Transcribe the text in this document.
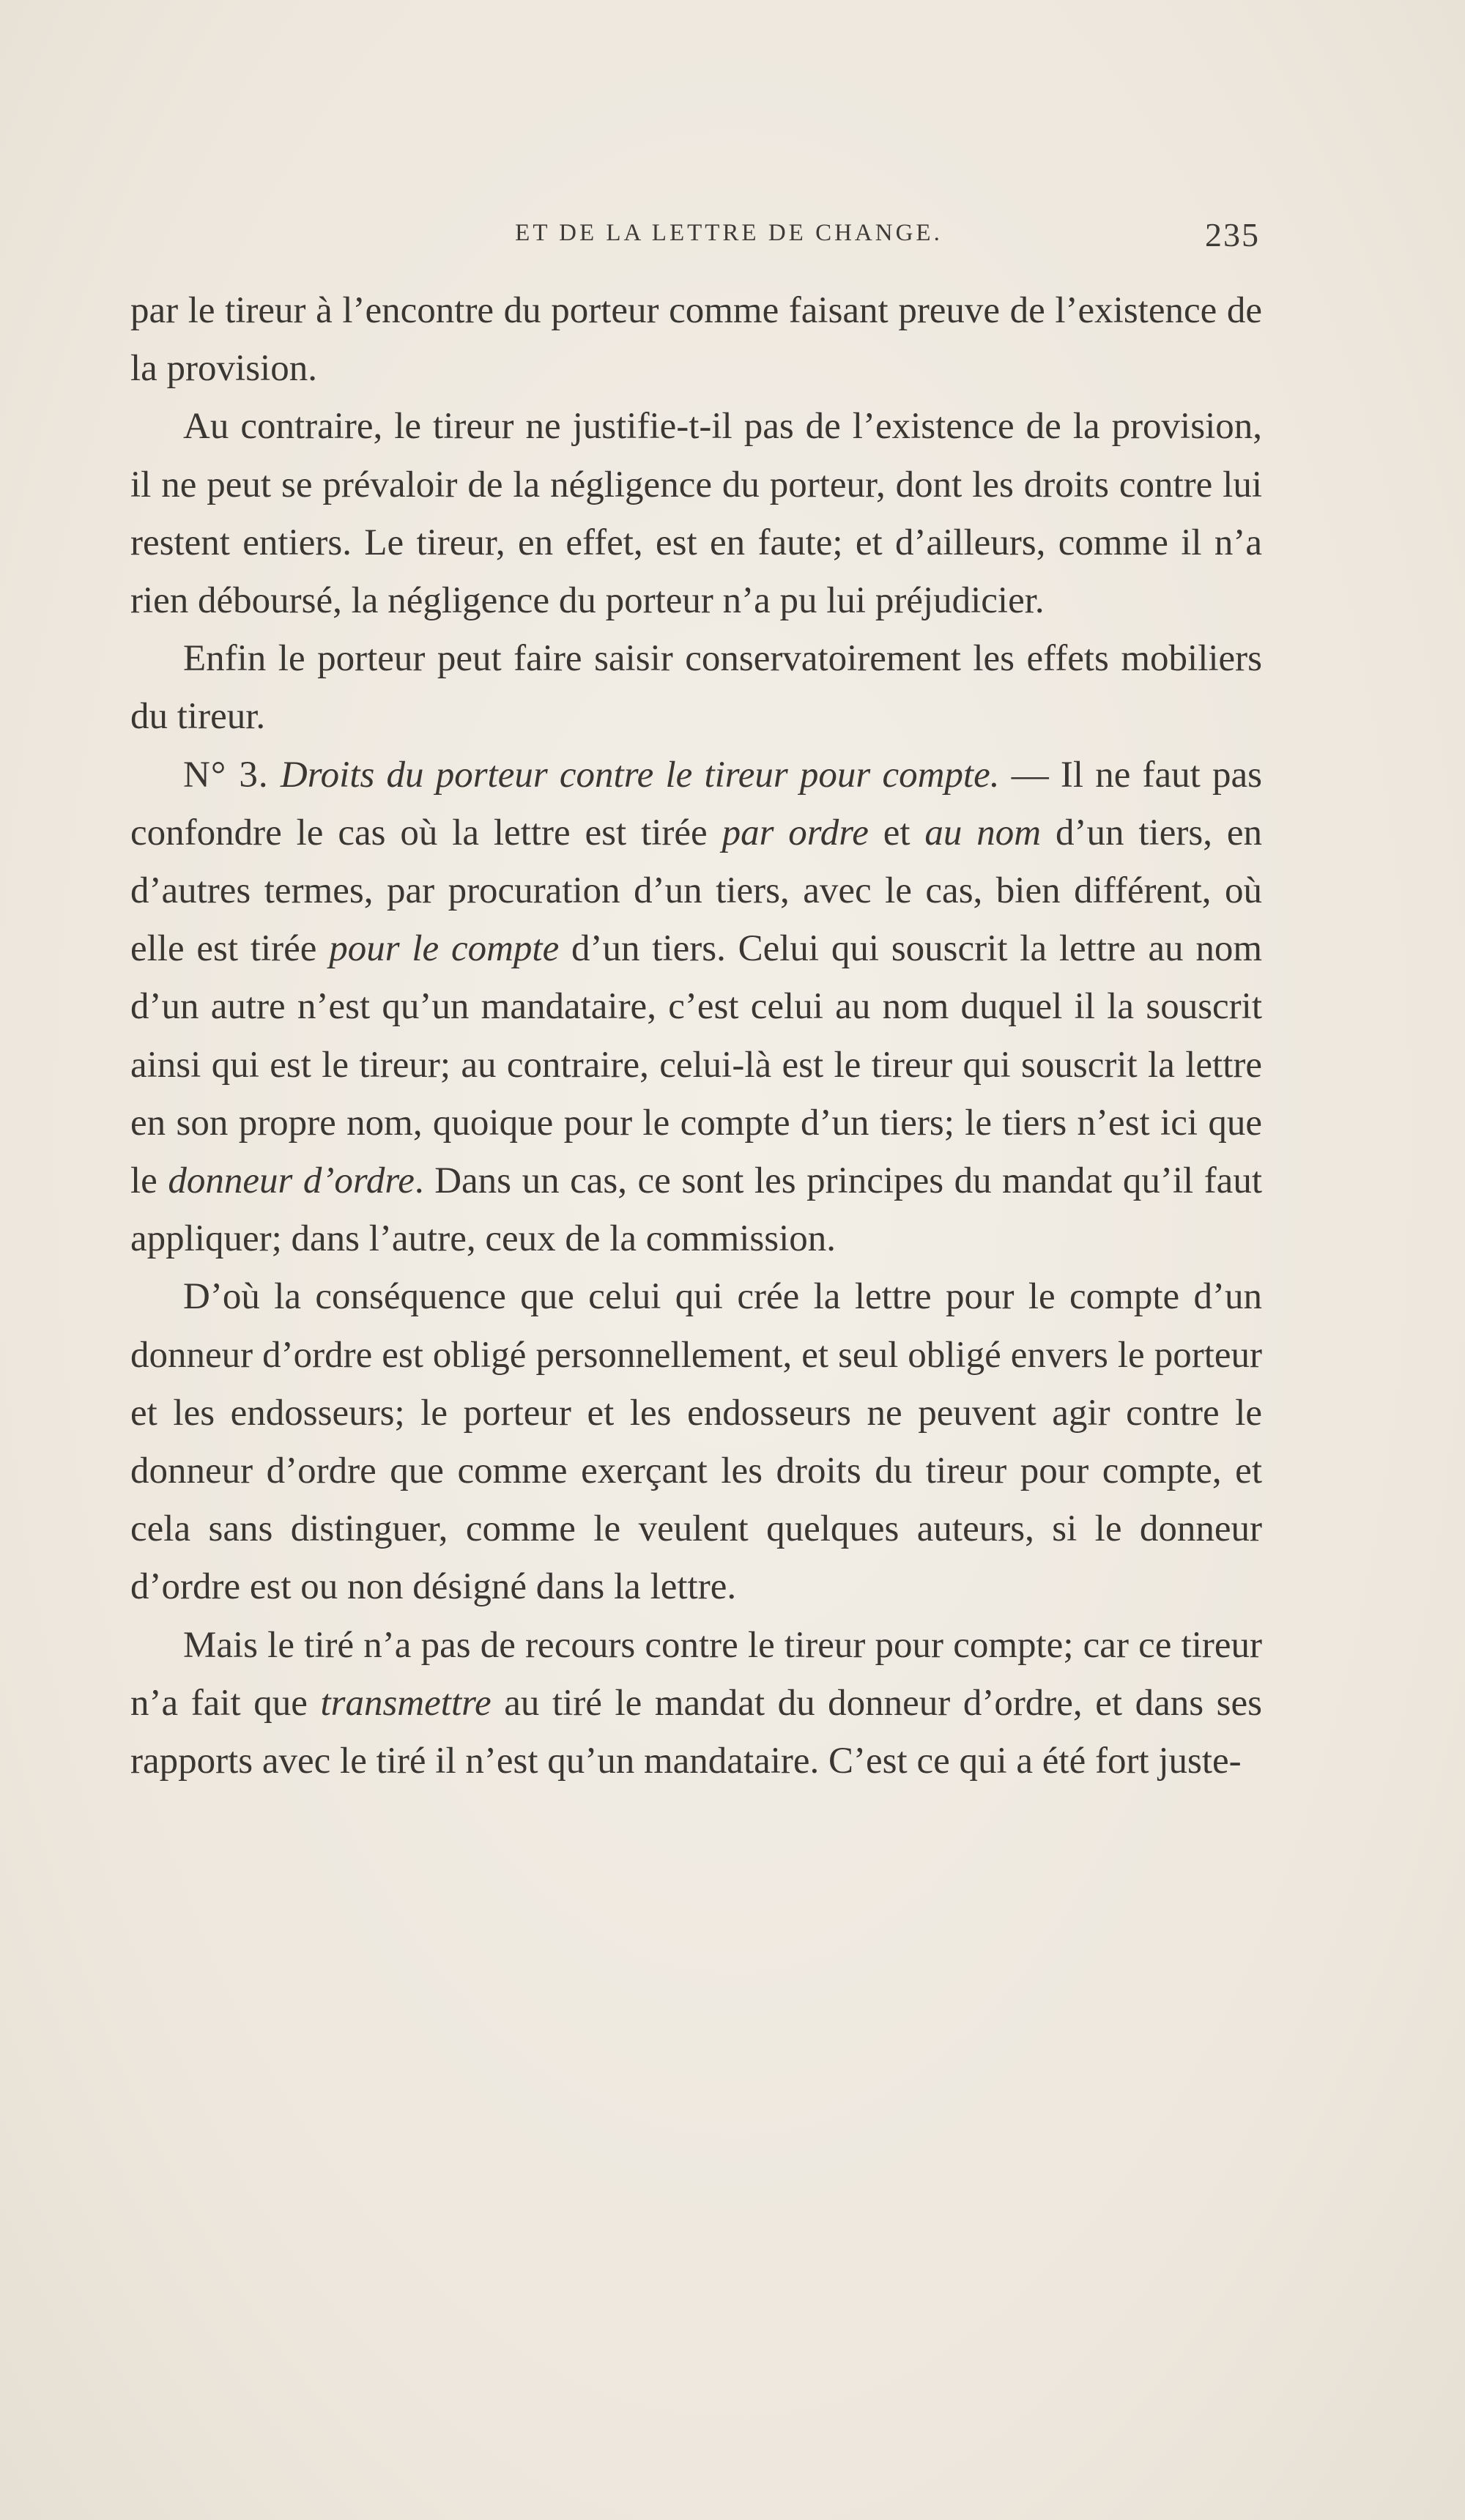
ET DE LA LETTRE DE CHANGE.	235

par le tireur à l’encontre du porteur comme faisant preuve de l’existence de la provision.

Au contraire, le tireur ne justifie-t-il pas de l’existence de la provision, il ne peut se prévaloir de la négligence du porteur, dont les droits contre lui restent entiers. Le tireur, en effet, est en faute; et d’ailleurs, comme il n’a rien déboursé, la négligence du porteur n’a pu lui préjudicier.

Enfin le porteur peut faire saisir conservatoirement les effets mobiliers du tireur.

N° 3. Droits du porteur contre le tireur pour compte. — Il ne faut pas confondre le cas où la lettre est tirée par ordre et au nom d’un tiers, en d’autres termes, par procuration d’un tiers, avec le cas, bien différent, où elle est tirée pour le compte d’un tiers. Celui qui souscrit la lettre au nom d’un autre n’est qu’un mandataire, c’est celui au nom duquel il la souscrit ainsi qui est le tireur; au contraire, celui-là est le tireur qui souscrit la lettre en son propre nom, quoique pour le compte d’un tiers; le tiers n’est ici que le donneur d’ordre. Dans un cas, ce sont les principes du mandat qu’il faut appliquer; dans l’autre, ceux de la commission.

D’où la conséquence que celui qui crée la lettre pour le compte d’un donneur d’ordre est obligé personnellement, et seul obligé envers le porteur et les endosseurs; le porteur et les endosseurs ne peuvent agir contre le donneur d’ordre que comme exerçant les droits du tireur pour compte, et cela sans distinguer, comme le veulent quelques auteurs, si le donneur d’ordre est ou non désigné dans la lettre.

Mais le tiré n’a pas de recours contre le tireur pour compte; car ce tireur n’a fait que transmettre au tiré le mandat du donneur d’ordre, et dans ses rapports avec le tiré il n’est qu’un mandataire. C’est ce qui a été fort juste-
